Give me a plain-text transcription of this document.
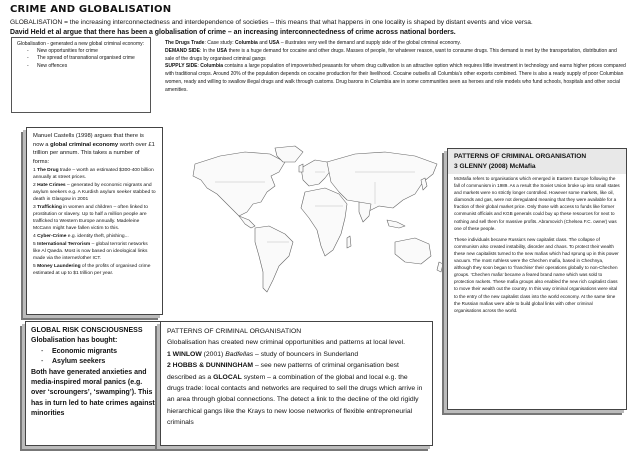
CRIME AND GLOBALISATION
GLOBALISATION = the increasing interconnectedness and interdependence of societies – this means that what happens in one locality is shaped by distant events and vice versa.
David Held et al argue that there has been a globalisation of crime – an increasing interconnectedness of crime across national borders.
Globalisation - generated a new global criminal economy:
- New opportunities for crime
- The spread of transnational organised crime
- New offences
The Drugs Trade: Case study: Columbia and USA – illustrates very well the demand and supply side of the global criminal economy.
DEMAND SIDE: In the USA there is a huge demand for cocaine and other drugs. Masses of people, for whatever reason, want to consume drugs. This demand is met by the transportation, distribution and sale of the drugs by organised criminal gangs
SUPPLY SIDE: Columbia contains a large population of impoverished peasants for whom drug cultivation is an attractive option which requires little investment in technology and earns higher prices compared with traditional crops. Around 20% of the population depends on cocaine production for their livelihood. Cocaine outsells all Columbia’s other exports combined. There is also a ready supply of poor Columbian women, ready and willing to swallow illegal drugs and walk through customs. Drug barons in Columbia are in some communities seen as heroes and role models who fund schools, hospitals and other social amenities.

Manuel Castells (1998) argues that there is now a global criminal economy worth over £1 trillion per annum. This takes a number of forms:

1 The Drug trade – worth an estimated $300-400 billion annually at street prices.

2 Hate Crimes – generated by economic migrants and asylum seekers e.g. A Kurdish asylum seeker stabbed to death in Glasgow in 2001

3 Trafficking in women and children – often linked to prostitution or slavery. Up to half a million people are trafficked to Western Europe annually. Madeleine McCann might have fallen victim to this.

4 Cyber-Crime e.g. identity theft, phishing...

5 International Terrorism – global terrorist networks like Al Qaeda. Most is now based on ideological links made via the internet/other ICT.

5 Money Laundering of the profits of organised crime estimated at up to $1 trillion per year.

PATTERNS OF CRIMINAL ORGANISATION
3 GLENNY (2008) McMafia

McMafia refers to organisations which emerged in Eastern Europe following the fall of communism in 1989. As a result the Soviet Union broke up into small states and markets were no strictly longer controlled. However some markets, like oil, diamonds and gas, were not deregulated meaning that they were available for a fraction of their global market price. Only those with access to funds like former communist officials and KGB generals could buy up these resources for next to nothing and sell them for massive profits. Abramovich (Chelsea F.C. owner) was one of these people.

These individuals became Russia’s new capitalist class. The collapse of communism also created instability, disorder and chaos. To protect their wealth these new capitalists turned to the new mafias which had sprung up in this power vacuum. The most ruthless were the Chechen mafia, based in Chechnya, although they soon began to ‘franchise’ their operations globally to non-Chechen groups. ‘Chechen mafia’ became a feared brand name which was sold to protection rackets. These mafia groups also enabled the new rich capitalist class to move their wealth out the country. In this way criminal organisations were vital to the entry of the new capitalist class into the world economy. At the same time the Russian mafias were able to build global links with other criminal organisations across the world.

GLOBAL RISK CONSCIOUSNESS
Globalisation has bought:
- Economic migrants
- Asylum seekers
Both have generated anxieties and media-inspired moral panics (e.g. over ‘scroungers’, ‘swamping’). This has in turn led to hate crimes against minorities
PATTERNS OF CRIMINAL ORGANISATION
Globalisation has created new criminal opportunities and patterns at local level.
1 WINLOW (2001) Badfellas – study of bouncers in Sunderland
2 HOBBS & DUNNINGHAM – see new patterns of criminal organisation best described as a GLOCAL system – a combination of the global and local e.g. the drugs trade: local contacts and networks are required to sell the drugs which arrive in an area through global connections. The detect a link to the decline of the old rigidly hierarchical gangs like the Krays to new loose networks of flexible entrepreneurial criminals
